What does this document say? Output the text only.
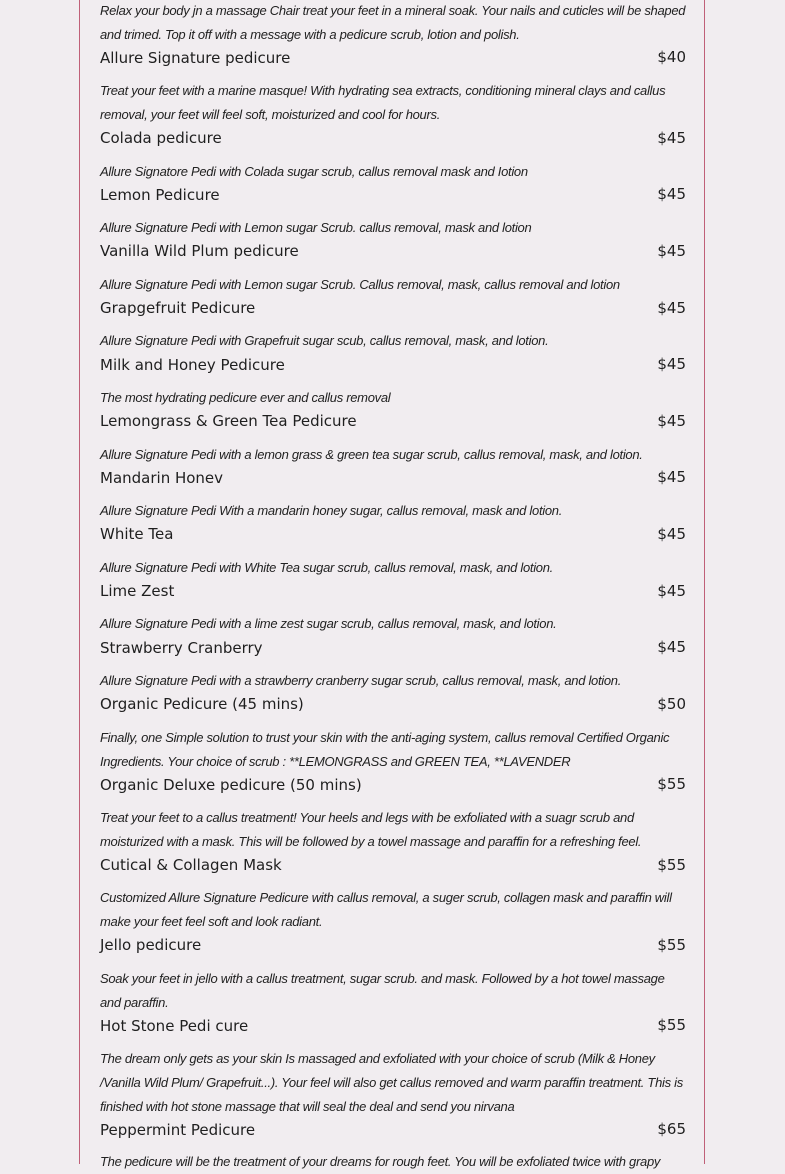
Relax your body jn a massage Chair treat your feet in a mineral soak. Your nails and cuticles will be shaped and trimed. Top it off with a message with a pedicure scrub, lotion and polish.
Allure Signature pedicure	$40
Treat your feet with a marine masque! With hydrating sea extracts, conditioning mineral clays and callus removal, your feet will feel soft, moisturized and cool for hours.
Colada pedicure	$45
Allure Signatore Pedi with Colada sugar scrub, callus removal mask and Iotion
Lemon Pedicure	$45
Allure Signature Pedi with Lemon sugar Scrub. callus removal, mask and lotion
Vanilla Wild Plum pedicure	$45
Allure Signature Pedi with Lemon sugar Scrub. Callus removal, mask, callus removal and lotion
Grapgefruit Pedicure	$45
Allure Signature Pedi with Grapefruit sugar scub, callus removal, mask, and lotion.
Milk and Honey Pedicure	$45
The most hydrating pedicure ever and callus removal
Lemongrass & Green Tea Pedicure	$45
Allure Signature Pedi with a lemon grass & green tea sugar scrub, callus removal, mask, and lotion.
Mandarin Honev	$45
Allure Signature Pedi With a mandarin honey sugar, callus removal, mask and lotion.
White Tea	$45
Allure Signature Pedi with White Tea sugar scrub, callus removal, mask, and lotion.
Lime Zest	$45
Allure Signature Pedi with a lime zest sugar scrub, callus removal, mask, and lotion.
Strawberry Cranberry	$45
Allure Signature Pedi with a strawberry cranberry sugar scrub, callus removal, mask, and lotion.
Organic Pedicure (45 mins)	$50
Finally, one Simple solution to trust your skin with the anti-aging system, callus removal Certified Organic Ingredients. Your choice of scrub : **LEMONGRASS and GREEN TEA, **LAVENDER
Organic Deluxe pedicure (50 mins)	$55
Treat your feet to a callus treatment! Your heels and legs with be exfoliated with a suagr scrub and moisturized with a mask. This will be followed by a towel massage and paraffin for a refreshing feel.
Cutical & Collagen Mask	$55
Customized Allure Signature Pedicure with callus removal, a suger scrub, collagen mask and paraffin will make your feet feel soft and look radiant.
Jello pedicure	$55
Soak your feet in jello with a callus treatment, sugar scrub. and mask. Followed by a hot towel massage and paraffin.
Hot Stone Pedi cure	$55
The dream only gets as your skin Is massaged and exfoliated with your choice of scrub (Milk & Honey /VaniIla Wild Plum/ Grapefruit...). Your feel will also get callus removed and warm paraffin treatment. This is finished with hot stone massage that will seal the deal and send you nirvana
Peppermint Pedicure	$65
The pedicure will be the treatment of your dreams for rough feet. You will be exfoliated twice with grapy
